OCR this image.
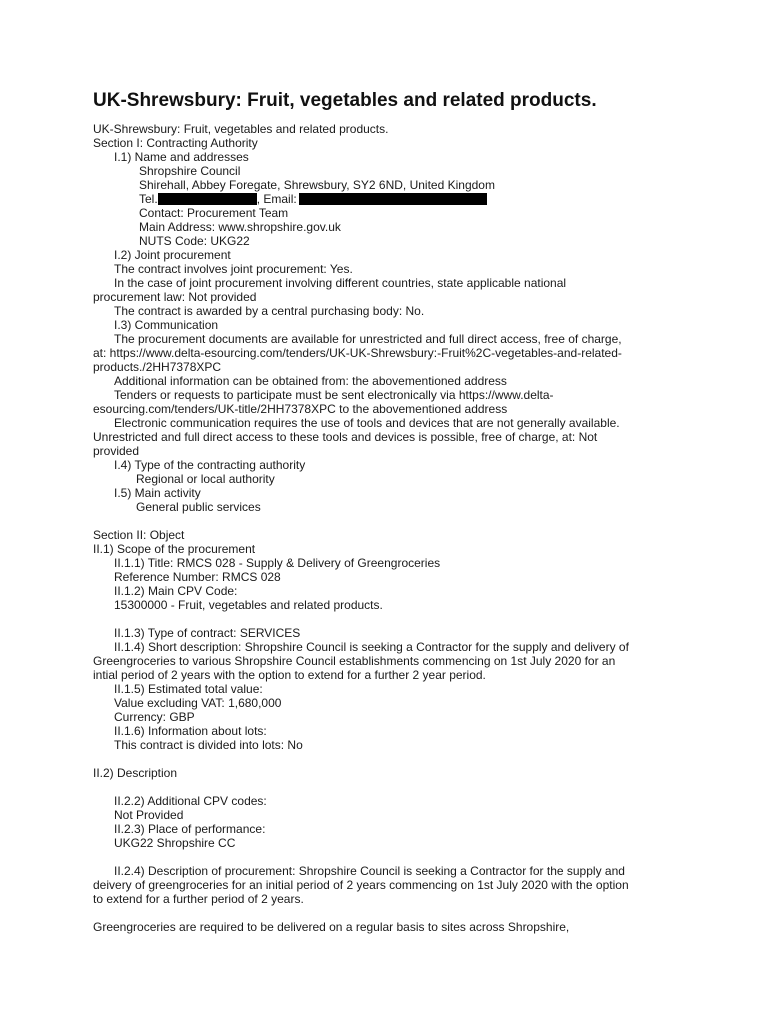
UK-Shrewsbury: Fruit, vegetables and related products.
UK-Shrewsbury: Fruit, vegetables and related products.
Section I: Contracting Authority
I.1) Name and addresses
Shropshire Council
Shirehall, Abbey Foregate, Shrewsbury, SY2 6ND, United Kingdom
Tel.	, Email:
Contact: Procurement Team
Main Address: www.shropshire.gov.uk
NUTS Code: UKG22
I.2) Joint procurement
The contract involves joint procurement: Yes.
In the case of joint procurement involving different countries, state applicable national
procurement law: Not provided
The contract is awarded by a central purchasing body: No.
I.3) Communication
The procurement documents are available for unrestricted and full direct access, free of charge,
at: https://www.delta-esourcing.com/tenders/UK-UK-Shrewsbury:-Fruit%2C-vegetables-and-related-
products./2HH7378XPC
Additional information can be obtained from: the abovementioned address
Tenders or requests to participate must be sent electronically via https://www.delta-
esourcing.com/tenders/UK-title/2HH7378XPC to the abovementioned address
Electronic communication requires the use of tools and devices that are not generally available.
Unrestricted and full direct access to these tools and devices is possible, free of charge, at: Not
provided
I.4) Type of the contracting authority
Regional or local authority
I.5) Main activity
General public services
Section II: Object
II.1) Scope of the procurement
II.1.1) Title: RMCS 028 - Supply & Delivery of Greengroceries
Reference Number: RMCS 028
II.1.2) Main CPV Code:
15300000 - Fruit, vegetables and related products.
II.1.3) Type of contract: SERVICES
II.1.4) Short description: Shropshire Council is seeking a Contractor for the supply and delivery of
Greengroceries to various Shropshire Council establishments commencing on 1st July 2020 for an
intial period of 2 years with the option to extend for a further 2 year period.
II.1.5) Estimated total value:
Value excluding VAT: 1,680,000
Currency: GBP
II.1.6) Information about lots:
This contract is divided into lots: No
II.2) Description
II.2.2) Additional CPV codes:
Not Provided
II.2.3) Place of performance:
UKG22 Shropshire CC
II.2.4) Description of procurement: Shropshire Council is seeking a Contractor for the supply and
deivery of greengroceries for an initial period of 2 years commencing on 1st July 2020 with the option
to extend for a further period of 2 years.
Greengroceries are required to be delivered on a regular basis to sites across Shropshire,
